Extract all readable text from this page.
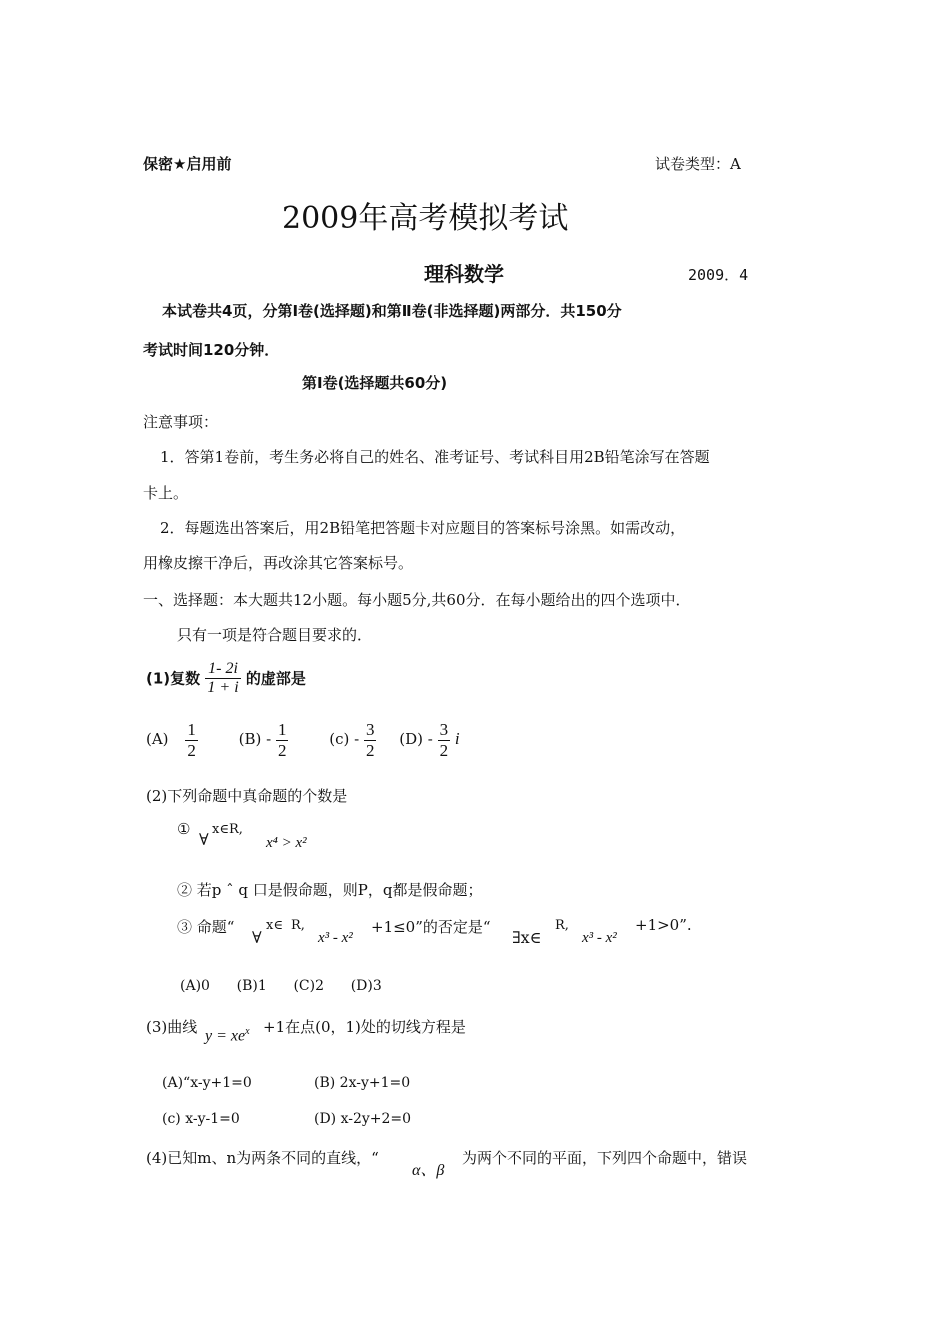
保密★启用前	试卷类型：A
2009年高考模拟考试
理科数学	2009．4
本试卷共4页，分第Ⅰ卷(选择题)和第Ⅱ卷(非选择题)两部分．共150分
考试时间120分钟．
第Ⅰ卷(选择题共60分)
注意事项：
1．答第1卷前，考生务必将自己的姓名、准考证号、考试科目用2B铅笔涂写在答题
卡上。
2．每题选出答案后，用2B铅笔把答题卡对应题目的答案标号涂黑。如需改动，
用橡皮擦干净后，再改涂其它答案标号。
一、选择题：本大题共12小题。每小题5分,共60分．在每小题给出的四个选项中．
只有一项是符合题目要求的．
(1)复数 $\frac{1- 2i}{1 + i}$ 的虚部是
$(A) \frac{1}{2}$	$(B) - \frac{1}{2}$	$(c) - \frac{3}{2} (D) - \frac{3}{2}$ i
(2)下列命题中真命题的个数是
①
∀
x∈R,
x⁴ > x²
② 若p ˆ q 口是假命题，则P，q都是假命题；
③ 命题“
∀
x∈ R,
x³ - x²
+1≤0”的否定是“
∃x∈
R,
x³ - x²
+1>0”.
(A)0      (B)1      (C)2      (D)3
(3)曲线 $y = xe^x +1$在点(0，1)处的切线方程是
(A)“x-y+1=0	(B) 2x-y+1=0
(c) x-y-1=0	(D) x-2y+2=0
(4)已知m、n为两条不同的直线，“
α、β
为两个不同的平面，下列四个命题中，错误
